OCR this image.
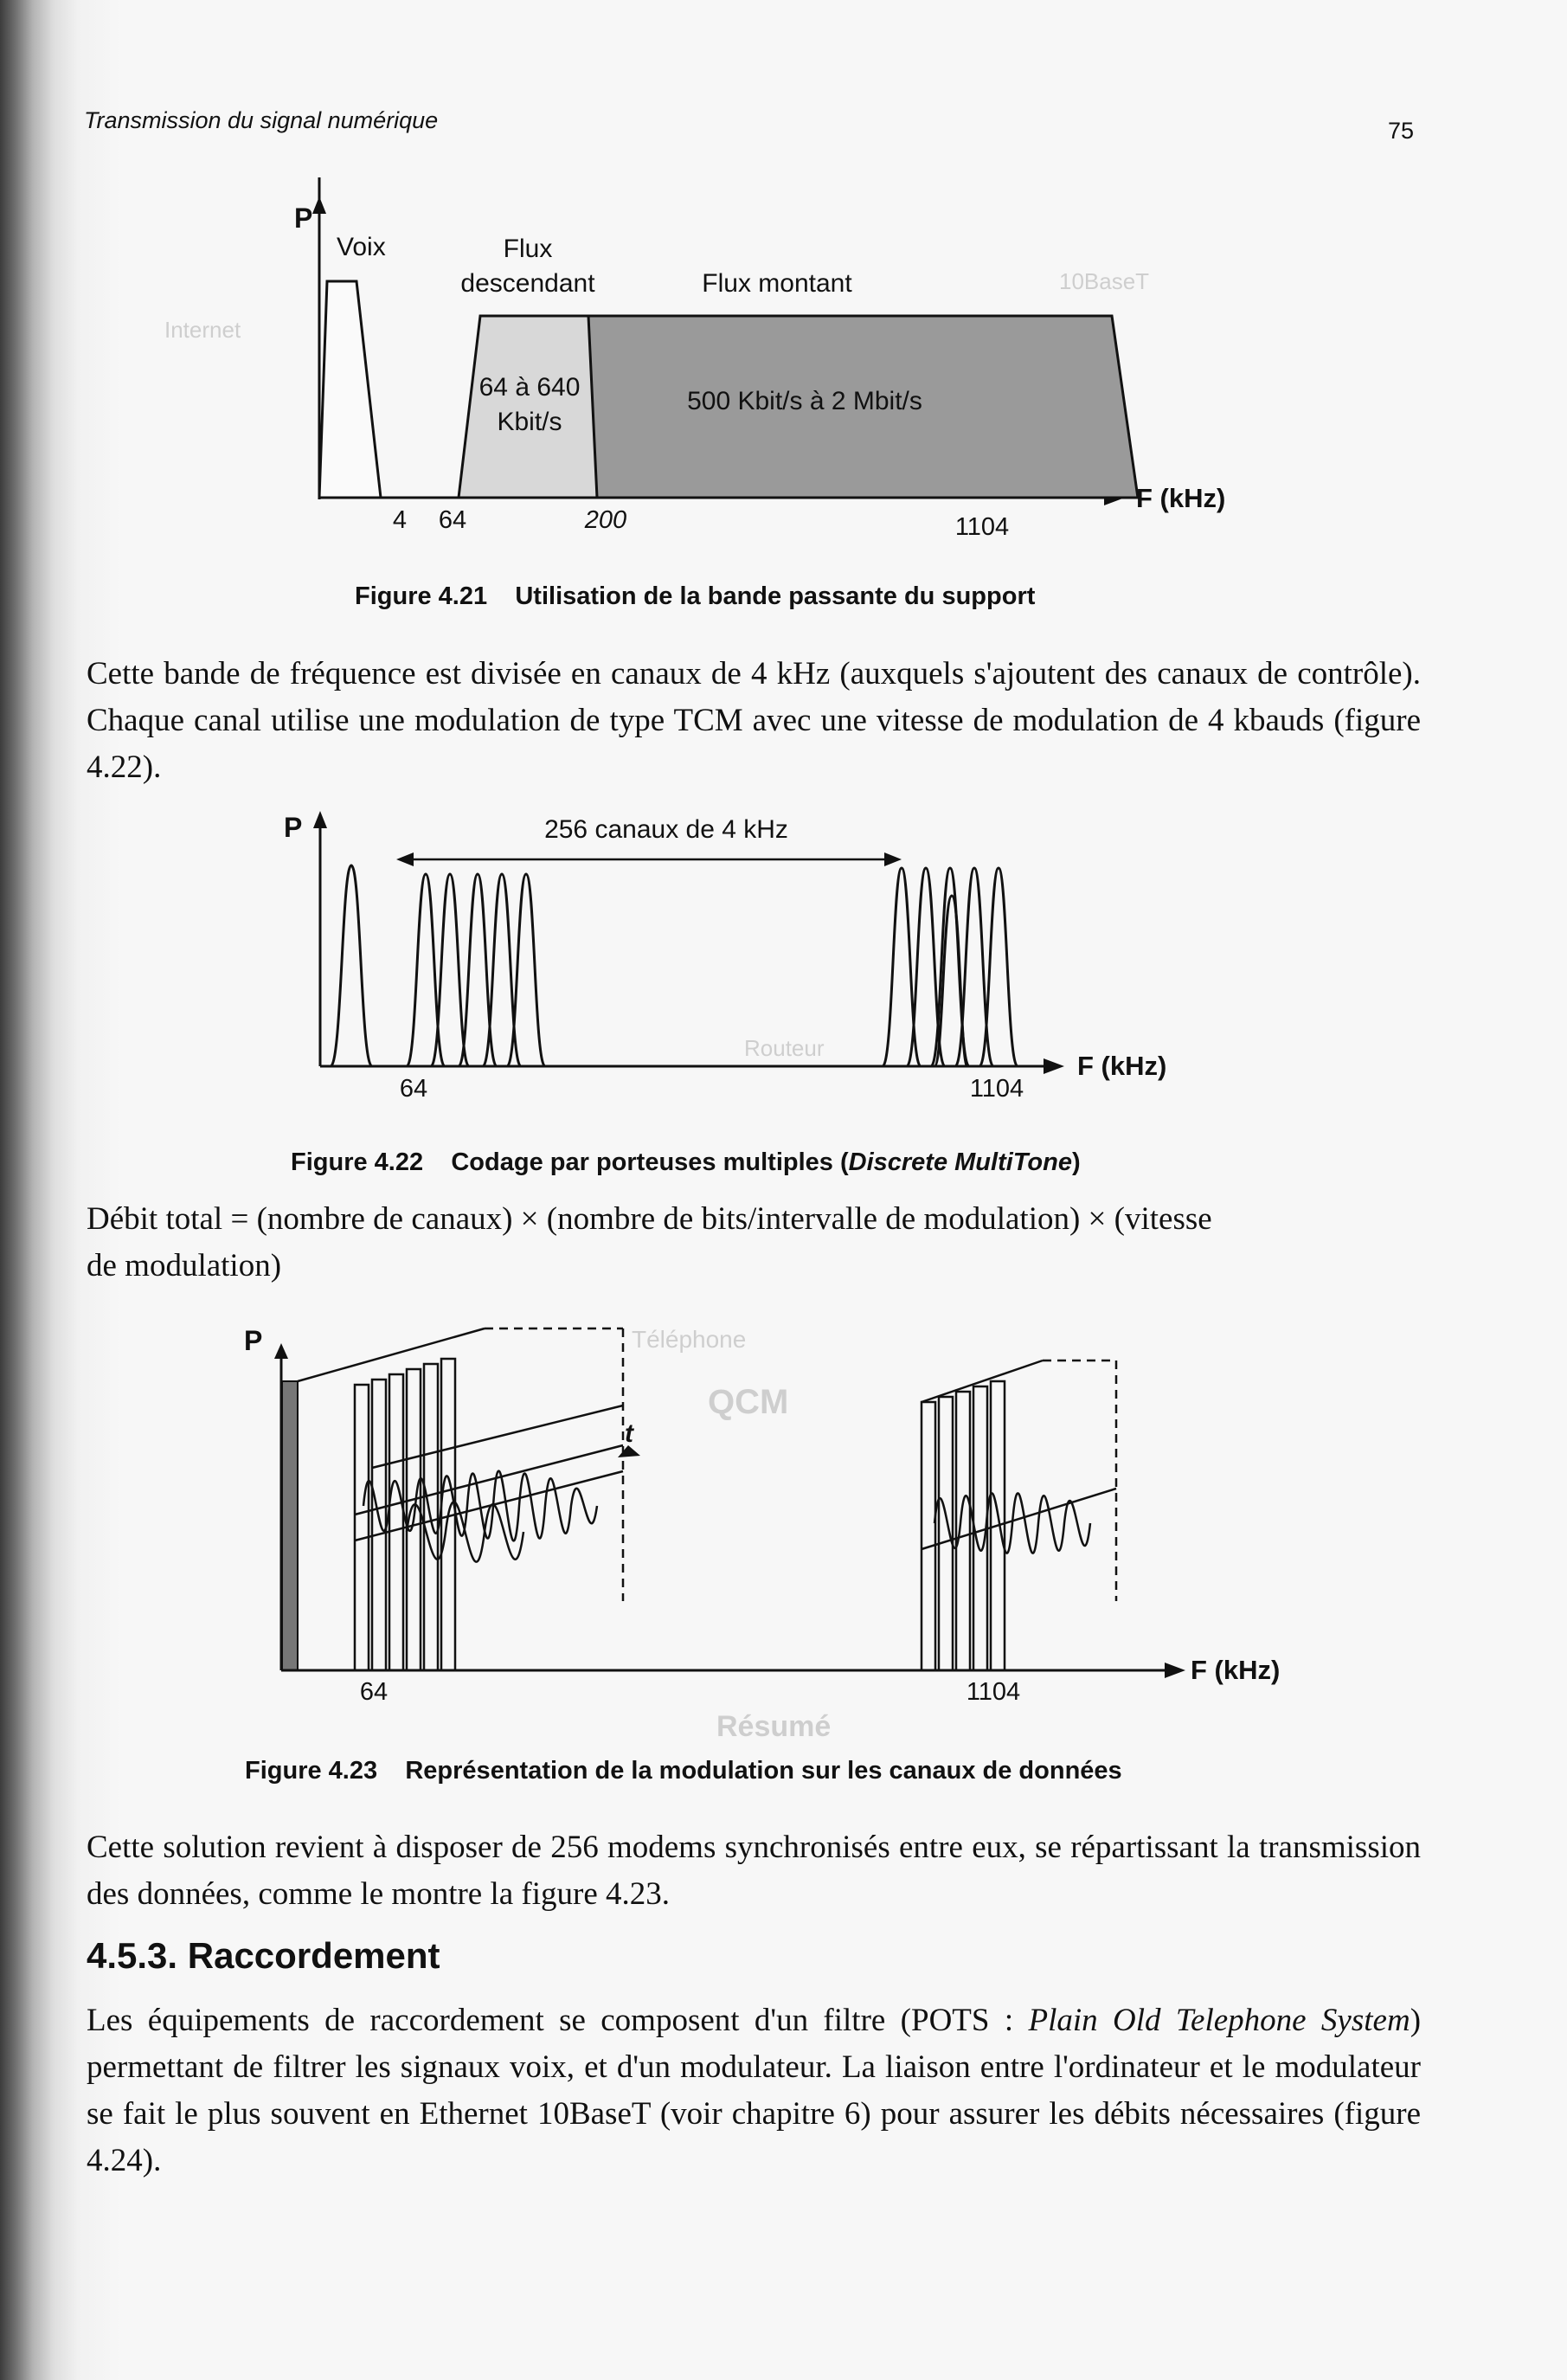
QCM
Résumé
Téléphone
Routeur
10BaseT
Internet
Transmission du signal numérique	75
P
Voix	Flux
descendant	Flux montant
64 à 640
Kbit/s
500 Kbit/s à 2 Mbit/s
4 64	200	1104
F (kHz)
Figure 4.21 Utilisation de la bande passante du support
Cette bande de fréquence est divisée en canaux de 4 kHz (auxquels s'ajoutent des canaux de contrôle). Chaque canal utilise une modulation de type TCM avec une vitesse de modulation de 4 kbauds (figure 4.22).
P	256 canaux de 4 kHz
64	1104
F (kHz)
Figure 4.22 Codage par porteuses multiples (Discrete MultiTone)
Débit total = (nombre de canaux) × (nombre de bits/intervalle de modulation) × (vitesse
de modulation)
P
t
64	1104
F (kHz)
Figure 4.23 Représentation de la modulation sur les canaux de données
Cette solution revient à disposer de 256 modems synchronisés entre eux, se répartissant la transmission des données, comme le montre la figure 4.23.
4.5.3. Raccordement
Les équipements de raccordement se composent d'un filtre (POTS : Plain Old Telephone System) permettant de filtrer les signaux voix, et d'un modulateur. La liaison entre l'ordinateur et le modulateur se fait le plus souvent en Ethernet 10BaseT (voir chapitre 6) pour assurer les débits nécessaires (figure 4.24).
